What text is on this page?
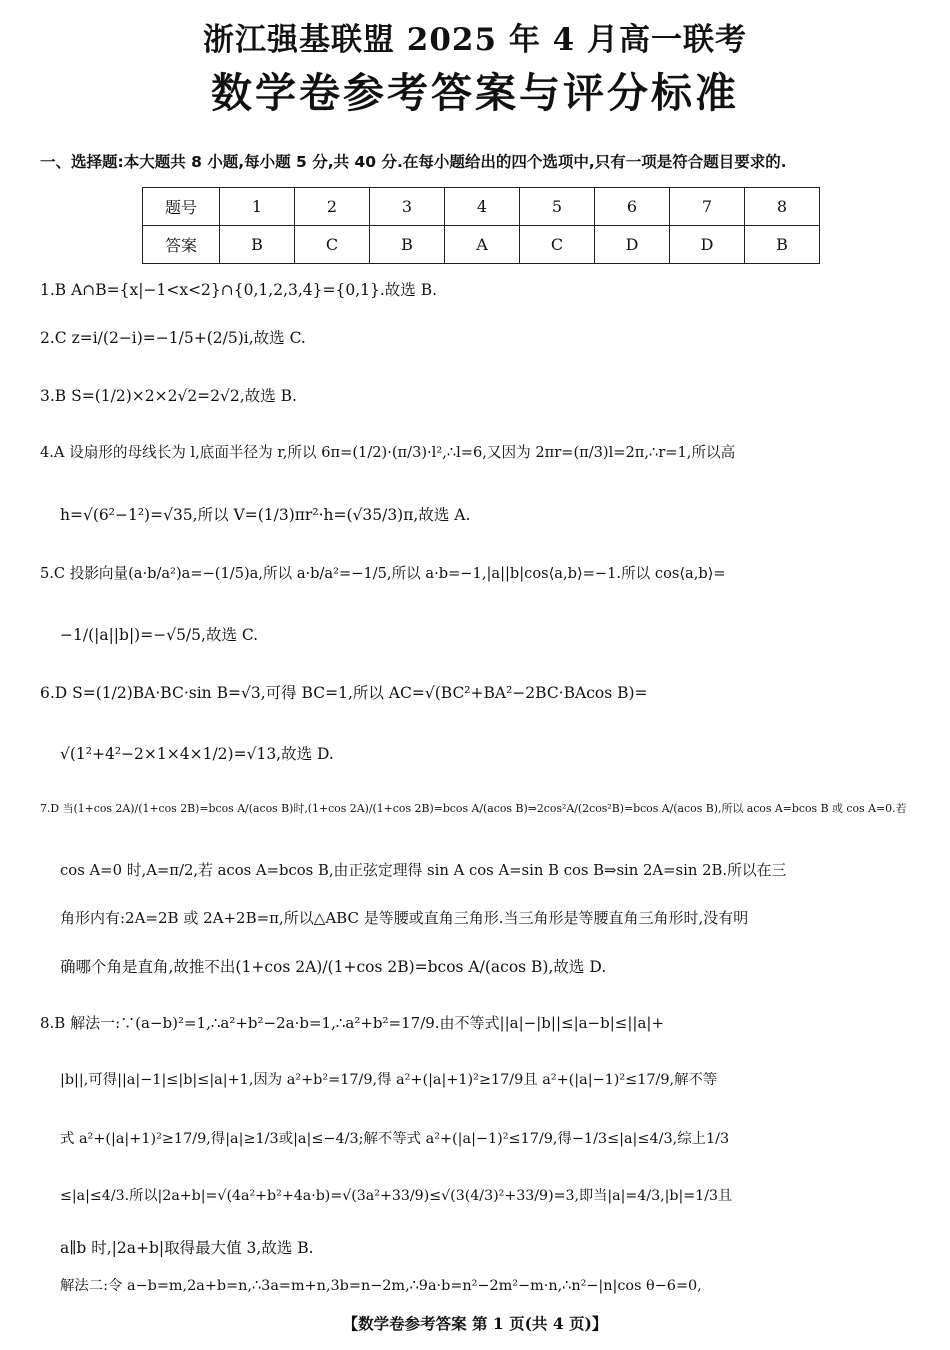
浙江强基联盟 2025 年 4 月高一联考
数学卷参考答案与评分标准
一、选择题:本大题共 8 小题,每小题 5 分,共 40 分.在每小题给出的四个选项中,只有一项是符合题目要求的.
题号	1	2	3	4	5	6	7	8
答案	B	C	B	A	C	D	D	B
1.B A∩B={x|−1<x<2}∩{0,1,2,3,4}={0,1}.故选 B.
2.C z=i/(2−i)=−1/5+(2/5)i,故选 C.
3.B S=(1/2)×2×2√2=2√2,故选 B.
4.A 设扇形的母线长为 l,底面半径为 r,所以 6π=(1/2)·(π/3)·l²,∴l=6,又因为 2πr=(π/3)l=2π,∴r=1,所以高
h=√(6²−1²)=√35,所以 V=(1/3)πr²·h=(√35/3)π,故选 A.
5.C 投影向量(a·b/a²)a=−(1/5)a,所以 a·b/a²=−1/5,所以 a·b=−1,|a||b|cos⟨a,b⟩=−1.所以 cos⟨a,b⟩=
−1/(|a||b|)=−√5/5,故选 C.
6.D S=(1/2)BA·BC·sin B=√3,可得 BC=1,所以 AC=√(BC²+BA²−2BC·BAcos B)=
√(1²+4²−2×1×4×1/2)=√13,故选 D.
7.D 当(1+cos 2A)/(1+cos 2B)=bcos A/(acos B)时,(1+cos 2A)/(1+cos 2B)=bcos A/(acos B)⇒2cos²A/(2cos²B)=bcos A/(acos B),所以 acos A=bcos B 或 cos A=0.若
cos A=0 时,A=π/2,若 acos A=bcos B,由正弦定理得 sin A cos A=sin B cos B⇒sin 2A=sin 2B.所以在三
角形内有:2A=2B 或 2A+2B=π,所以△ABC 是等腰或直角三角形.当三角形是等腰直角三角形时,没有明
确哪个角是直角,故推不出(1+cos 2A)/(1+cos 2B)=bcos A/(acos B),故选 D.
8.B 解法一:∵(a−b)²=1,∴a²+b²−2a·b=1,∴a²+b²=17/9.由不等式||a|−|b||≤|a−b|≤||a|+
|b||,可得||a|−1|≤|b|≤|a|+1,因为 a²+b²=17/9,得 a²+(|a|+1)²≥17/9且 a²+(|a|−1)²≤17/9,解不等
式 a²+(|a|+1)²≥17/9,得|a|≥1/3或|a|≤−4/3;解不等式 a²+(|a|−1)²≤17/9,得−1/3≤|a|≤4/3,综上1/3
≤|a|≤4/3.所以|2a+b|=√(4a²+b²+4a·b)=√(3a²+33/9)≤√(3(4/3)²+33/9)=3,即当|a|=4/3,|b|=1/3且
a∥b 时,|2a+b|取得最大值 3,故选 B.
解法二:令 a−b=m,2a+b=n,∴3a=m+n,3b=n−2m,∴9a·b=n²−2m²−m·n,∴n²−|n|cos θ−6=0,
【数学卷参考答案 第 1 页(共 4 页)】
